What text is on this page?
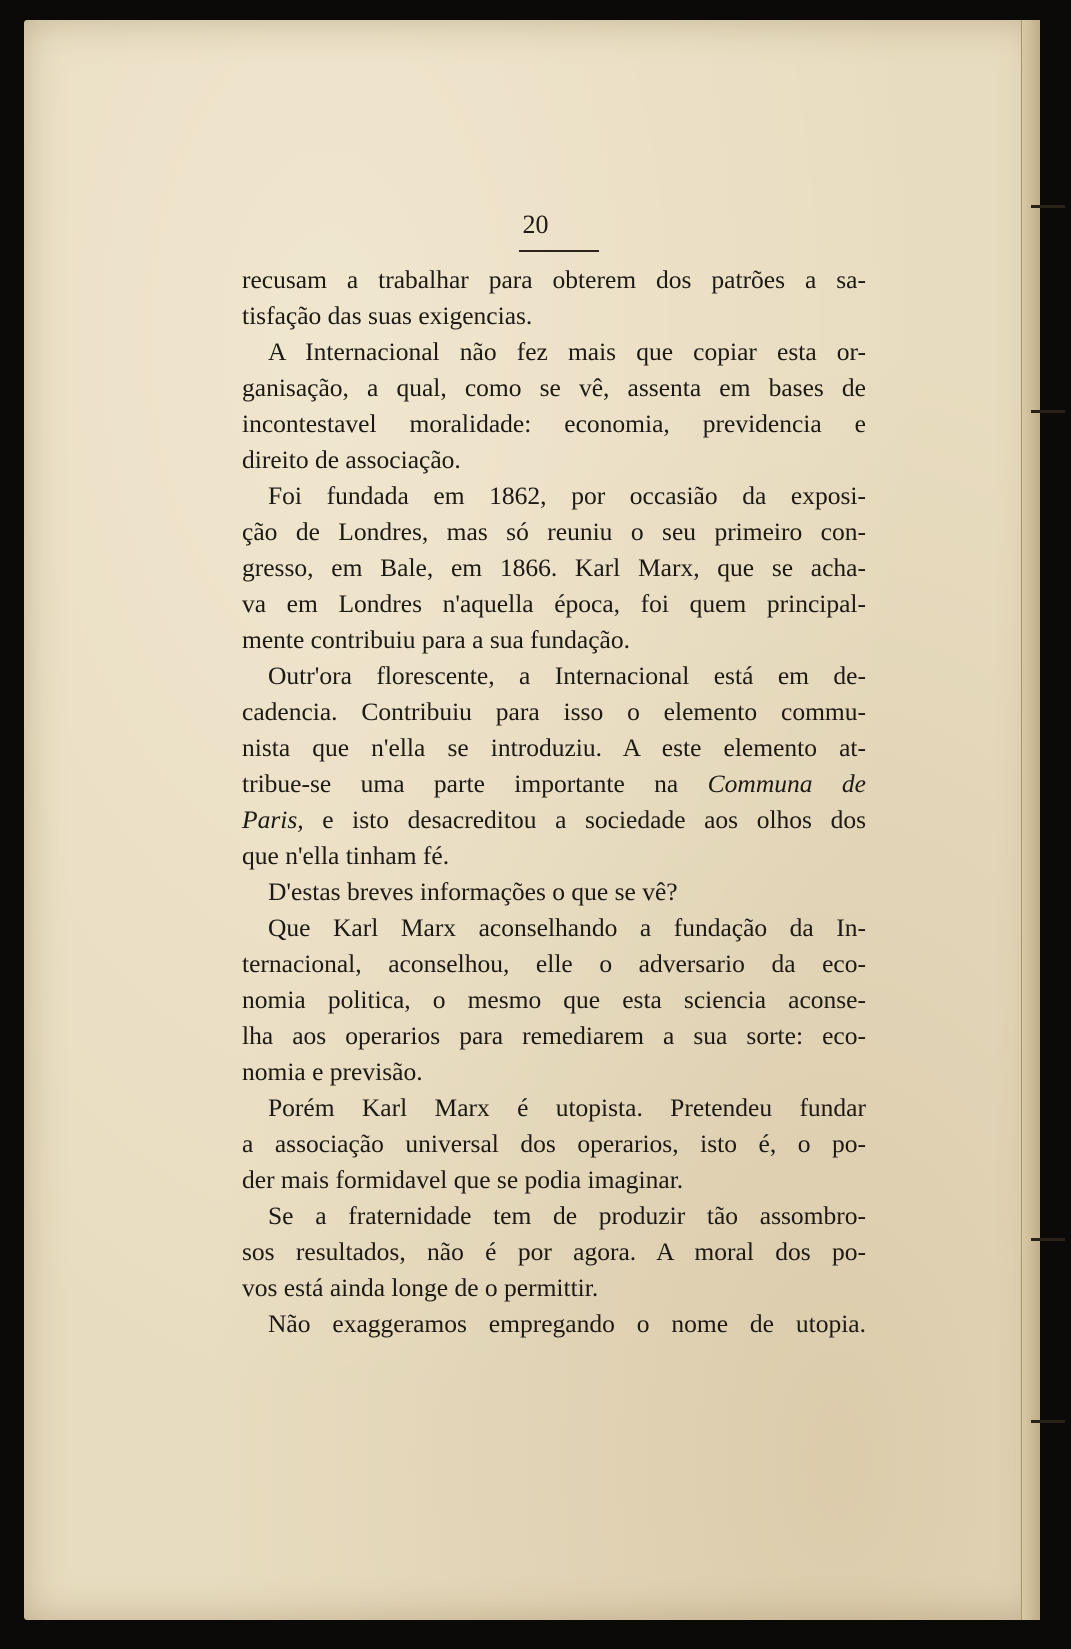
20
recusam a trabalhar para obterem dos patrões a sa-
tisfação das suas exigencias.
A Internacional não fez mais que copiar esta or-
ganisação, a qual, como se vê, assenta em bases de
incontestavel moralidade: economia, previdencia e
direito de associação.
Foi fundada em 1862, por occasião da exposi-
ção de Londres, mas só reuniu o seu primeiro con-
gresso, em Bale, em 1866. Karl Marx, que se acha-
va em Londres n'aquella época, foi quem principal-
mente contribuiu para a sua fundação.
Outr'ora florescente, a Internacional está em de-
cadencia. Contribuiu para isso o elemento commu-
nista que n'ella se introduziu. A este elemento at-
tribue-se uma parte importante na Communa de
Paris, e isto desacreditou a sociedade aos olhos dos
que n'ella tinham fé.
D'estas breves informações o que se vê?
Que Karl Marx aconselhando a fundação da In-
ternacional, aconselhou, elle o adversario da eco-
nomia politica, o mesmo que esta sciencia aconse-
lha aos operarios para remediarem a sua sorte: eco-
nomia e previsão.
Porém Karl Marx é utopista. Pretendeu fundar
a associação universal dos operarios, isto é, o po-
der mais formidavel que se podia imaginar.
Se a fraternidade tem de produzir tão assombro-
sos resultados, não é por agora. A moral dos po-
vos está ainda longe de o permittir.
Não exaggeramos empregando o nome de utopia.
